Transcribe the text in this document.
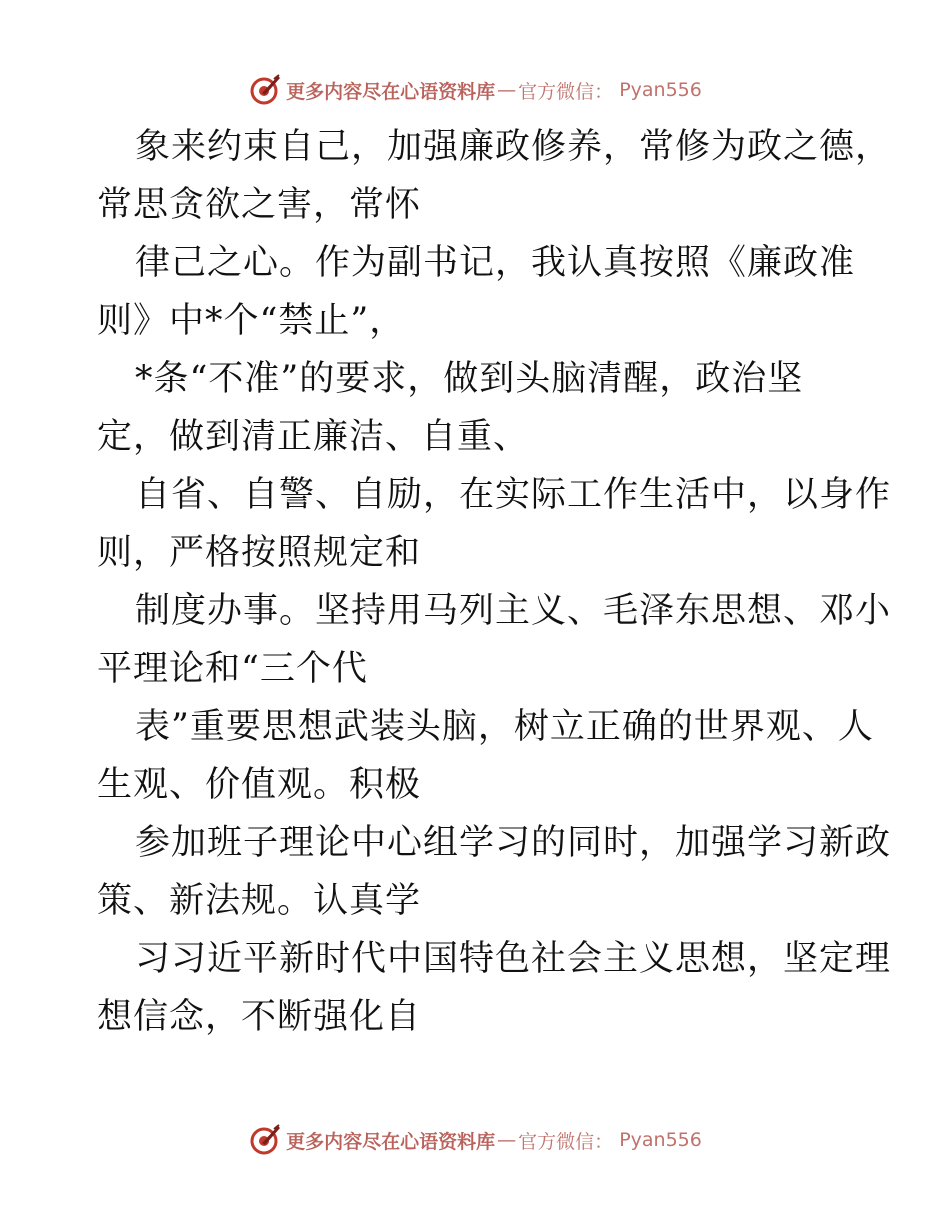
更多内容尽在心语资料库 — 官方微信： Pyan556
象来约束自己，加强廉政修养，常修为政之德，
常思贪欲之害，常怀
律己之心。作为副书记，我认真按照《廉政准
则》中*个“禁止”，
*条“不准”的要求，做到头脑清醒，政治坚
定，做到清正廉洁、自重、
自省、自警、自励，在实际工作生活中，以身作
则，严格按照规定和
制度办事。坚持用马列主义、毛泽东思想、邓小
平理论和“三个代
表”重要思想武装头脑，树立正确的世界观、人
生观、价值观。积极
参加班子理论中心组学习的同时，加强学习新政
策、新法规。认真学
习习近平新时代中国特色社会主义思想，坚定理
想信念，不断强化自
更多内容尽在心语资料库 — 官方微信： Pyan556
